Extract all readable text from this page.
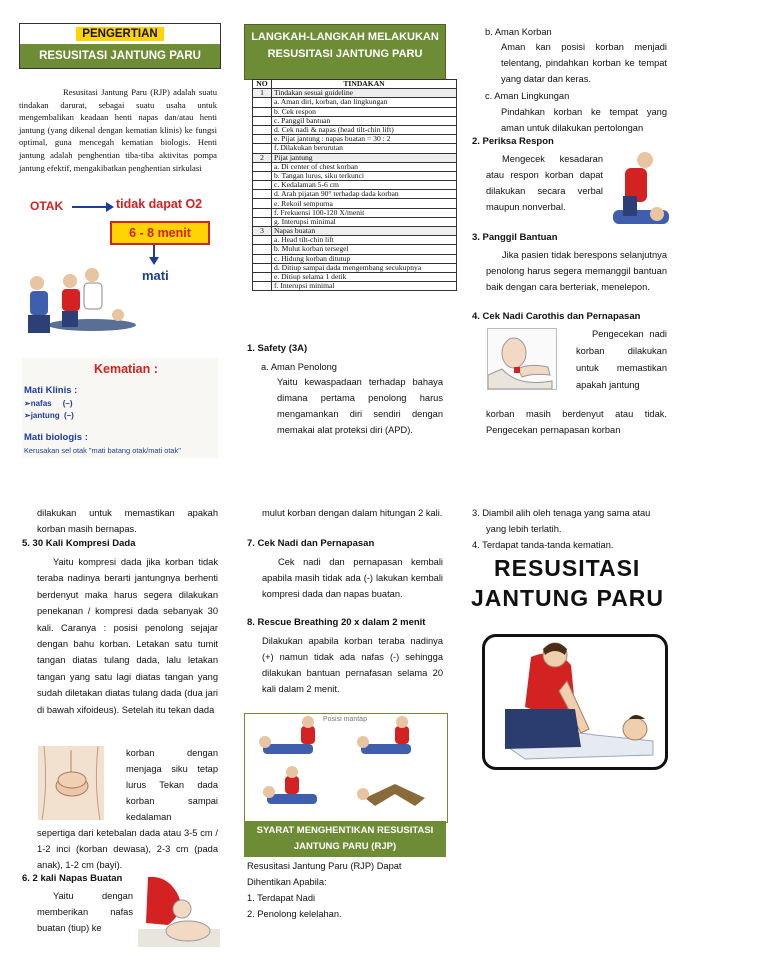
PENGERTIAN
RESUSITASI JANTUNG PARU
Resusitasi Jantung Paru (RJP) adalah suatu tindakan darurat, sebagai suatu usaha untuk mengembalikan keadaan henti napas dan/atau henti jantung (yang dikenal dengan kematian klinis) ke fungsi optimal, guna mencegah kematian biologis. Henti jantung adalah penghentian tiba-tiba aktivitas pompa jantung efektif, mengakibatkan penghentian sirkulasi
OTAK	tidak dapat O2
6 - 8 menit
mati
Kematian :
Mati Klinis :
➢nafas     (–)
➢jantung  (–)
Mati biologis :
Kerusakan sel otak "mati batang otak/mati otak"
LANGKAH-LANGKAH MELAKUKAN RESUSITASI JANTUNG PARU
NO	TINDAKAN
1	Tindakan sesuai guideline
	a. Aman diri, korban, dan lingkungan
	b. Cek respon
	c. Panggil bantuan
	d. Cek nadi & napas (head tilt-chin lift)
	e. Pijat jantung : napas buatan = 30 : 2
	f. Dilakukan berurutan
2	Pijat jantung
	a. Di center of chest korban
	b. Tangan lurus, siku terkunci
	c. Kedalaman 5-6 cm
	d. Arah pijatan 90° terhadap dada korban
	e. Rekoil sempurna
	f. Frekuensi 100-120 X/menit
	g. Interupsi minimal
3	Napas buatan
	a. Head tilt-chin lift
	b. Mulut korban tersegel
	c. Hidung korban ditutup
	d. Ditiup sampai dada mengembang secukupnya
	e. Ditiup selama 1 detik
	f. Interupsi minimal
1. Safety (3A)
a. Aman Penolong
Yaitu kewaspadaan terhadap bahaya dimana pertama penolong harus mengamankan diri sendiri dengan memakai alat proteksi diri (APD).
b. Aman Korban
Aman kan posisi korban menjadi telentang, pindahkan korban ke tempat yang datar dan keras.
c. Aman Lingkungan
Pindahkan korban ke tempat yang aman untuk dilakukan pertolongan
2. Periksa Respon
Mengecek kesadaran atau respon korban dapat dilakukan secara verbal maupun nonverbal.
3. Panggil Bantuan
Jika pasien tidak berespons selanjutnya penolong harus segera memanggil bantuan baik dengan cara berteriak, menelepon.
4. Cek Nadi Carothis dan Pernapasan
Pengecekan nadi korban dilakukan untuk memastikan apakah jantung
korban masih berdenyut atau tidak. Pengecekan pernapasan korban
dilakukan untuk memastikan apakah korban masih bernapas.
5. 30 Kali Kompresi Dada
Yaitu kompresi dada jika korban tidak teraba nadinya berarti jantungnya berhenti berdenyut maka harus segera dilakukan penekanan / kompresi dada sebanyak 30 kali. Caranya : posisi penolong sejajar dengan bahu korban. Letakan satu tumit tangan diatas tulang dada, lalu letakan tangan yang satu lagi diatas tangan yang sudah diletakan diatas tulang dada (dua jari di bawah xifoideus). Setelah itu tekan dada
korban dengan menjaga siku tetap lurus Tekan dada korban sampai kedalaman
sepertiga dari ketebalan dada atau 3-5 cm / 1-2 inci (korban dewasa), 2-3 cm (pada anak), 1-2 cm (bayi).
6. 2 kali Napas Buatan
Yaitu dengan memberikan nafas buatan (tiup) ke
mulut korban dengan dalam hitungan 2 kali.
7. Cek Nadi dan Pernapasan
Cek nadi dan pernapasan kembali apabila masih tidak ada (-) lakukan kembali kompresi dada dan napas buatan.
8. Rescue Breathing 20 x dalam 2 menit
Dilakukan apabila korban teraba nadinya (+) namun tidak ada nafas (-) sehingga dilakukan bantuan pernafasan selama 20 kali dalam 2 menit.
Posisi mantap
SYARAT MENGHENTIKAN RESUSITASI JANTUNG PARU (RJP)
Resusitasi Jantung Paru (RJP) Dapat Dihentikan Apabila:
1. Terdapat Nadi
2. Penolong kelelahan.
3. Diambil alih oleh tenaga yang sama atau yang lebih terlatih.
4. Terdapat tanda-tanda kematian.
RESUSITASI
JANTUNG PARU
